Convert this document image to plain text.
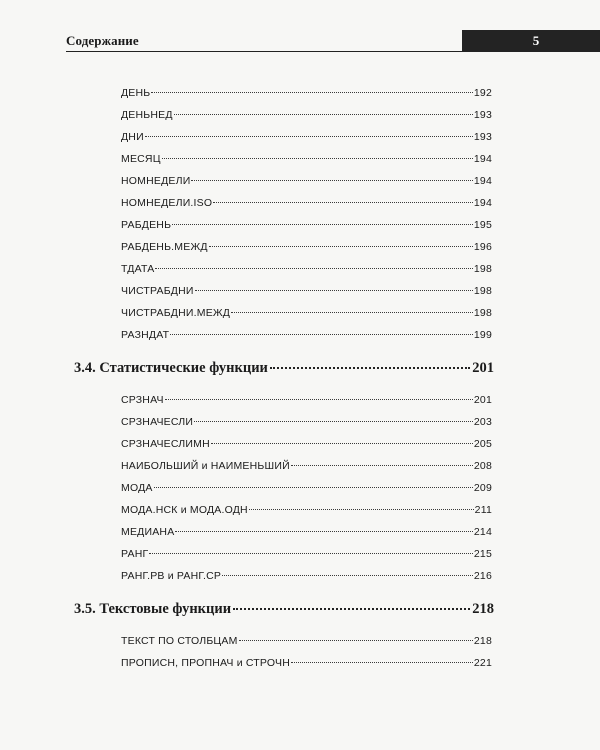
Содержание	5
ДЕНЬ	192
ДЕНЬНЕД	193
ДНИ	193
МЕСЯЦ	194
НОМНЕДЕЛИ	194
НОМНЕДЕЛИ.ISO	194
РАБДЕНЬ	195
РАБДЕНЬ.МЕЖД	196
ТДАТА	198
ЧИСТРАБДНИ	198
ЧИСТРАБДНИ.МЕЖД	198
РАЗНДАТ	199
3.4. Статистические функции	201
СРЗНАЧ	201
СРЗНАЧЕСЛИ	203
СРЗНАЧЕСЛИМН	205
НАИБОЛЬШИЙ и НАИМЕНЬШИЙ	208
МОДА	209
МОДА.НСК и МОДА.ОДН	211
МЕДИАНА	214
РАНГ	215
РАНГ.РВ и РАНГ.СР	216
3.5. Текстовые функции	218
ТЕКСТ ПО СТОЛБЦАМ	218
ПРОПИСН, ПРОПНАЧ и СТРОЧН	221
